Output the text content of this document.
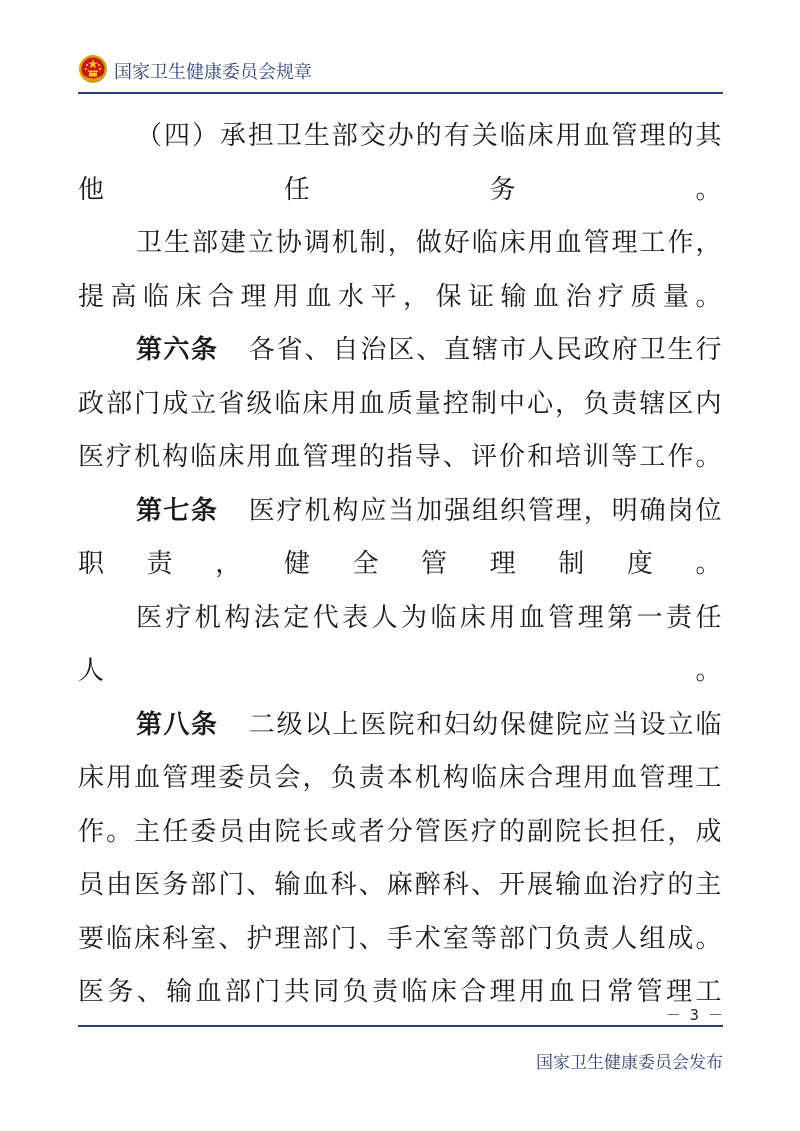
国家卫生健康委员会规章

（四）承担卫生部交办的有关临床用血管理的其他任务。

卫生部建立协调机制，做好临床用血管理工作，提高临床合理用血水平，保证输血治疗质量。

第六条 各省、自治区、直辖市人民政府卫生行政部门成立省级临床用血质量控制中心，负责辖区内医疗机构临床用血管理的指导、评价和培训等工作。

第七条 医疗机构应当加强组织管理，明确岗位职责，健全管理制度。

医疗机构法定代表人为临床用血管理第一责任人。

第八条 二级以上医院和妇幼保健院应当设立临床用血管理委员会，负责本机构临床合理用血管理工作。主任委员由院长或者分管医疗的副院长担任，成员由医务部门、输血科、麻醉科、开展输血治疗的主要临床科室、护理部门、手术室等部门负责人组成。医务、输血部门共同负责临床合理用血日常管理工

－ 3 －
国家卫生健康委员会发布
